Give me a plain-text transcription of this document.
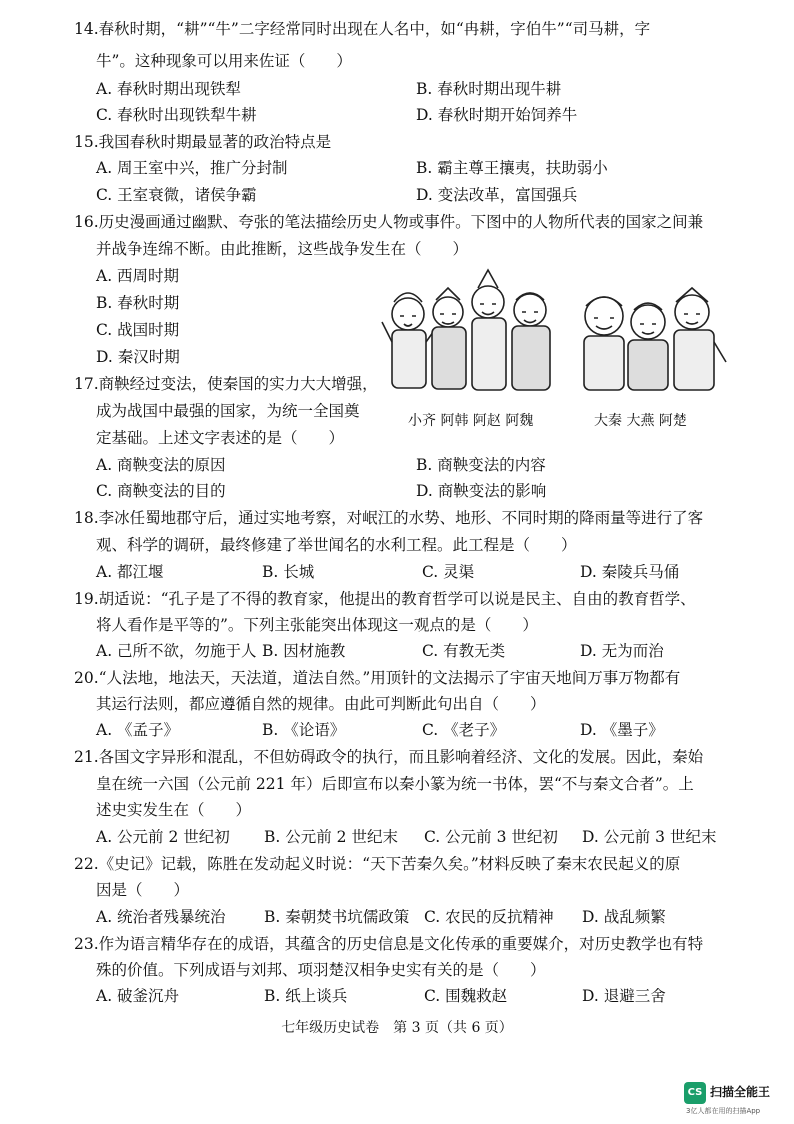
14.春秋时期，“耕”“牛”二字经常同时出现在人名中，如“冉耕，字伯牛”“司马耕，字
牛”。这种现象可以用来佐证（　　）
A. 春秋时期出现铁犁	B. 春秋时期出现牛耕
C. 春秋时出现铁犁牛耕	D. 春秋时期开始饲养牛
15.我国春秋时期最显著的政治特点是
A. 周王室中兴，推广分封制	B. 霸主尊王攘夷，扶助弱小
C. 王室衰微，诸侯争霸	D. 变法改革，富国强兵
16.历史漫画通过幽默、夸张的笔法描绘历史人物或事件。下图中的人物所代表的国家之间兼
并战争连绵不断。由此推断，这些战争发生在（　　）
A. 西周时期
B. 春秋时期
C. 战国时期
D. 秦汉时期
小齐 阿韩 阿赵 阿魏	大秦 大燕 阿楚
17.商鞅经过变法，使秦国的实力大大增强，
成为战国中最强的国家，为统一全国奠
定基础。上述文字表述的是（　　）
A. 商鞅变法的原因	B. 商鞅变法的内容
C. 商鞅变法的目的	D. 商鞅变法的影响
18.李冰任蜀地郡守后，通过实地考察，对岷江的水势、地形、不同时期的降雨量等进行了客
观、科学的调研，最终修建了举世闻名的水利工程。此工程是（　　）
A. 都江堰	B. 长城	C. 灵渠	D. 秦陵兵马俑
19.胡适说：“孔子是了不得的教育家，他提出的教育哲学可以说是民主、自由的教育哲学、
将人看作是平等的”。下列主张能突出体现这一观点的是（　　）
A. 己所不欲，勿施于人 B. 因材施教	C. 有教无类	D. 无为而治
20.“人法地，地法天，天法道，道法自然。”用顶针的文法揭示了宇宙天地间万事万物都有
其运行法则，都应遵循自然的规律。由此可判断此句出自（　　）
A. 《孟子》	B. 《论语》	C. 《老子》	D. 《墨子》
21.各国文字异形和混乱，不但妨碍政令的执行，而且影响着经济、文化的发展。因此，秦始
皇在统一六国（公元前 221 年）后即宣布以秦小篆为统一书体，罢“不与秦文合者”。上
述史实发生在（　　）
A. 公元前 2 世纪初 B. 公元前 2 世纪末 C. 公元前 3 世纪初 D. 公元前 3 世纪末
22.《史记》记载，陈胜在发动起义时说：“天下苦秦久矣。”材料反映了秦末农民起义的原
因是（　　）
A. 统治者残暴统治 B. 秦朝焚书坑儒政策 C. 农民的反抗精神 D. 战乱频繁
23.作为语言精华存在的成语，其蕴含的历史信息是文化传承的重要媒介，对历史教学也有特
殊的价值。下列成语与刘邦、项羽楚汉相争史实有关的是（　　）
A. 破釜沉舟	B. 纸上谈兵	C. 围魏救赵	D. 退避三舍
七年级历史试卷　第 3 页（共 6 页）
CS 扫描全能王
3亿人都在用的扫描App
